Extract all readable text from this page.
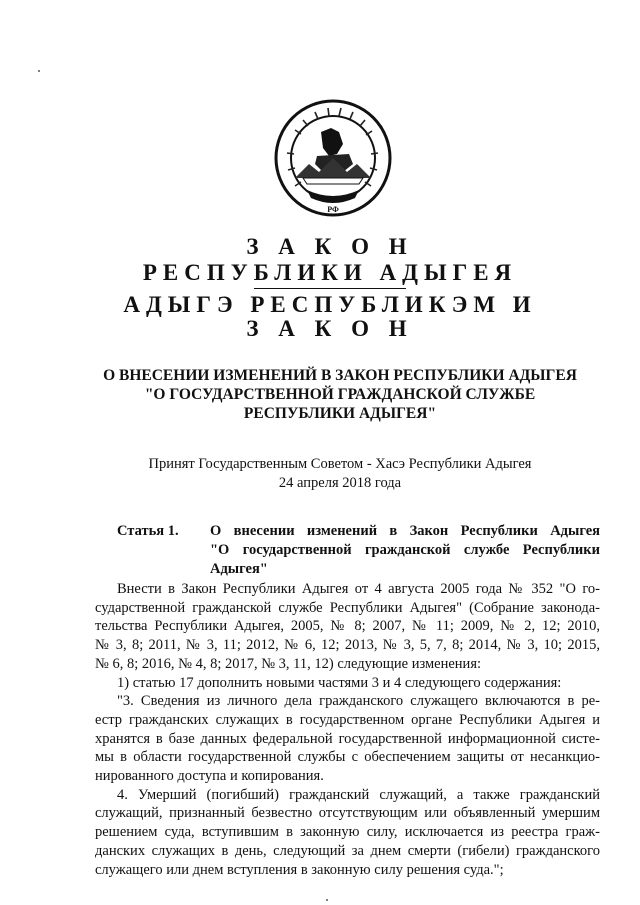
РФ
З А К О Н
РЕСПУБЛИКИ АДЫГЕЯ
АДЫГЭ РЕСПУБЛИКЭМ И
З А К О Н
О ВНЕСЕНИИ ИЗМЕНЕНИЙ В ЗАКОН РЕСПУБЛИКИ АДЫГЕЯ
"О ГОСУДАРСТВЕННОЙ ГРАЖДАНСКОЙ СЛУЖБЕ
РЕСПУБЛИКИ АДЫГЕЯ"
Принят Государственным Советом - Хасэ Республики Адыгея
24 апреля 2018 года
Статья 1. О внесении изменений в Закон Республики Адыгея
"О государственной гражданской службе Республики
Адыгея"
Внести в Закон Республики Адыгея от 4 августа 2005 года № 352 "О го-
сударственной гражданской службе Республики Адыгея" (Собрание законода-
тельства Республики Адыгея, 2005, № 8; 2007, № 11; 2009, № 2, 12; 2010,
№ 3, 8; 2011, № 3, 11; 2012, № 6, 12; 2013, № 3, 5, 7, 8; 2014, № 3, 10; 2015,
№ 6, 8; 2016, № 4, 8; 2017, № 3, 11, 12) следующие изменения:
1) статью 17 дополнить новыми частями 3 и 4 следующего содержания:
"3. Сведения из личного дела гражданского служащего включаются в ре-
естр гражданских служащих в государственном органе Республики Адыгея и
хранятся в базе данных федеральной государственной информационной систе-
мы в области государственной службы с обеспечением защиты от несанкцио-
нированного доступа и копирования.
4. Умерший (погибший) гражданский служащий, а также гражданский
служащий, признанный безвестно отсутствующим или объявленный умершим
решением суда, вступившим в законную силу, исключается из реестра граж-
данских служащих в день, следующий за днем смерти (гибели) гражданского
служащего или днем вступления в законную силу решения суда.";
